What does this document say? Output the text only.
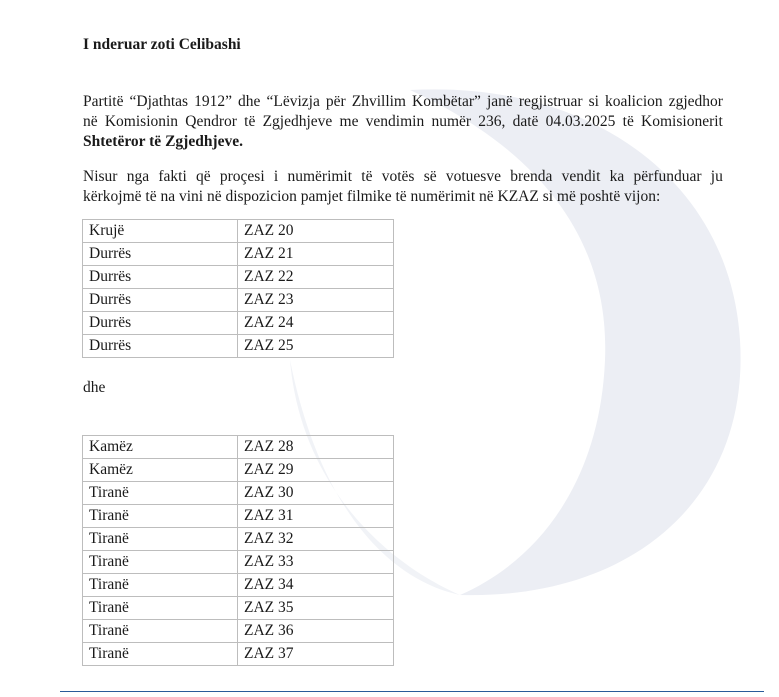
I nderuar zoti Celibashi

Partitë “Djathtas 1912” dhe “Lëvizja për Zhvillim Kombëtar” janë regjistruar si koalicion zgjedhor
në Komisionin Qendror të Zgjedhjeve me vendimin numër 236, datë 04.03.2025 të Komisionerit
Shtetëror të Zgjedhjeve.
Nisur nga fakti që proçesi i numërimit të votës së votuesve brenda vendit ka përfunduar ju
kërkojmë të na vini në dispozicion pamjet filmike të numërimit në KZAZ si më poshtë vijon:
Krujë	ZAZ 20
Durrës	ZAZ 21
Durrës	ZAZ 22
Durrës	ZAZ 23
Durrës	ZAZ 24
Durrës	ZAZ 25
dhe
Kamëz	ZAZ 28
Kamëz	ZAZ 29
Tiranë	ZAZ 30
Tiranë	ZAZ 31
Tiranë	ZAZ 32
Tiranë	ZAZ 33
Tiranë	ZAZ 34
Tiranë	ZAZ 35
Tiranë	ZAZ 36
Tiranë	ZAZ 37
